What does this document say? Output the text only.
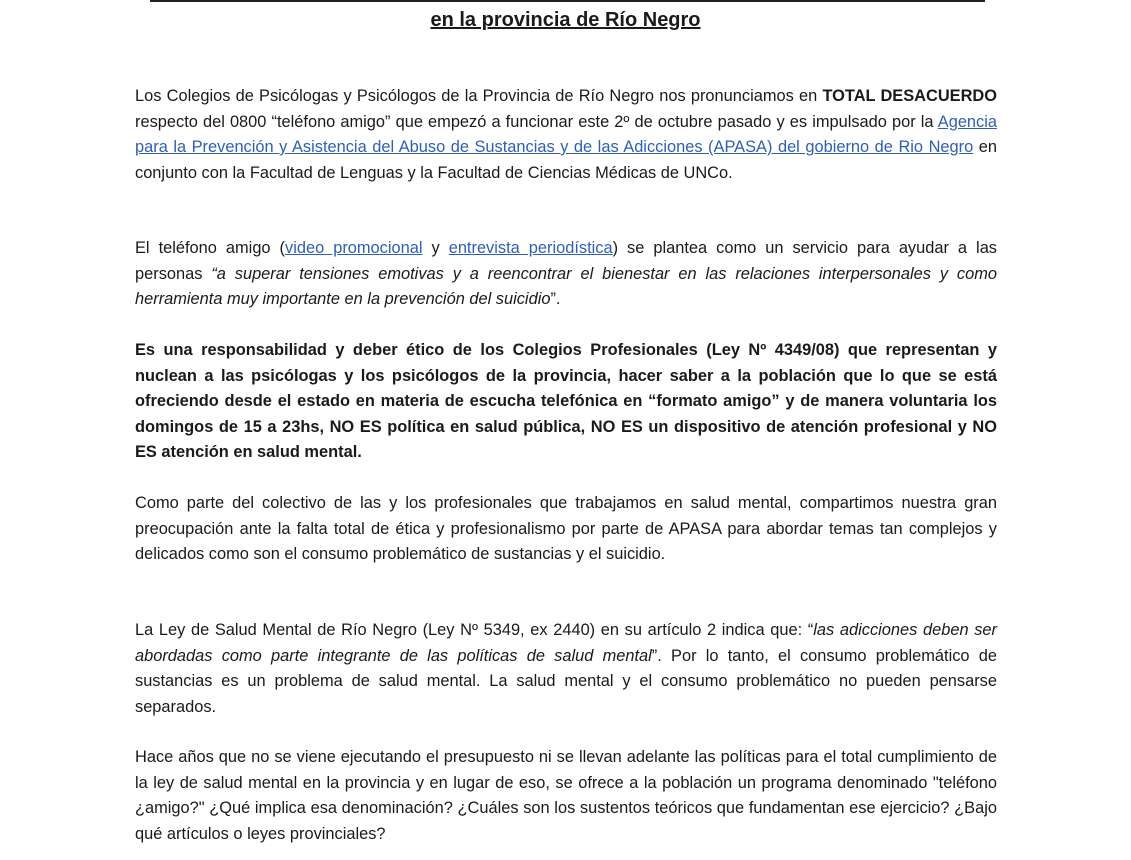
en la provincia de Río Negro

Los Colegios de Psicólogas y Psicólogos de la Provincia de Río Negro nos pronunciamos en TOTAL DESACUERDO respecto del 0800 “teléfono amigo” que empezó a funcionar este 2º de octubre pasado y es impulsado por la Agencia para la Prevención y Asistencia del Abuso de Sustancias y de las Adicciones (APASA) del gobierno de Rio Negro en conjunto con la Facultad de Lenguas y la Facultad de Ciencias Médicas de UNCo.

El teléfono amigo (video promocional y entrevista periodística) se plantea como un servicio para ayudar a las personas “a superar tensiones emotivas y a reencontrar el bienestar en las relaciones interpersonales y como herramienta muy importante en la prevención del suicidio”.

Es una responsabilidad y deber ético de los Colegios Profesionales (Ley Nº 4349/08) que representan y nuclean a las psicólogas y los psicólogos de la provincia, hacer saber a la población que lo que se está ofreciendo desde el estado en materia de escucha telefónica en “formato amigo” y de manera voluntaria los domingos de 15 a 23hs, NO ES política en salud pública, NO ES un dispositivo de atención profesional y NO ES atención en salud mental.

Como parte del colectivo de las y los profesionales que trabajamos en salud mental, compartimos nuestra gran preocupación ante la falta total de ética y profesionalismo por parte de APASA para abordar temas tan complejos y delicados como son el consumo problemático de sustancias y el suicidio.

La Ley de Salud Mental de Río Negro (Ley Nº 5349, ex 2440) en su artículo 2 indica que: “las adicciones deben ser abordadas como parte integrante de las políticas de salud mental”. Por lo tanto, el consumo problemático de sustancias es un problema de salud mental. La salud mental y el consumo problemático no pueden pensarse separados.

Hace años que no se viene ejecutando el presupuesto ni se llevan adelante las políticas para el total cumplimiento de la ley de salud mental en la provincia y en lugar de eso, se ofrece a la población un programa denominado "teléfono ¿amigo?" ¿Qué implica esa denominación? ¿Cuáles son los sustentos teóricos que fundamentan ese ejercicio? ¿Bajo qué artículos o leyes provinciales?
